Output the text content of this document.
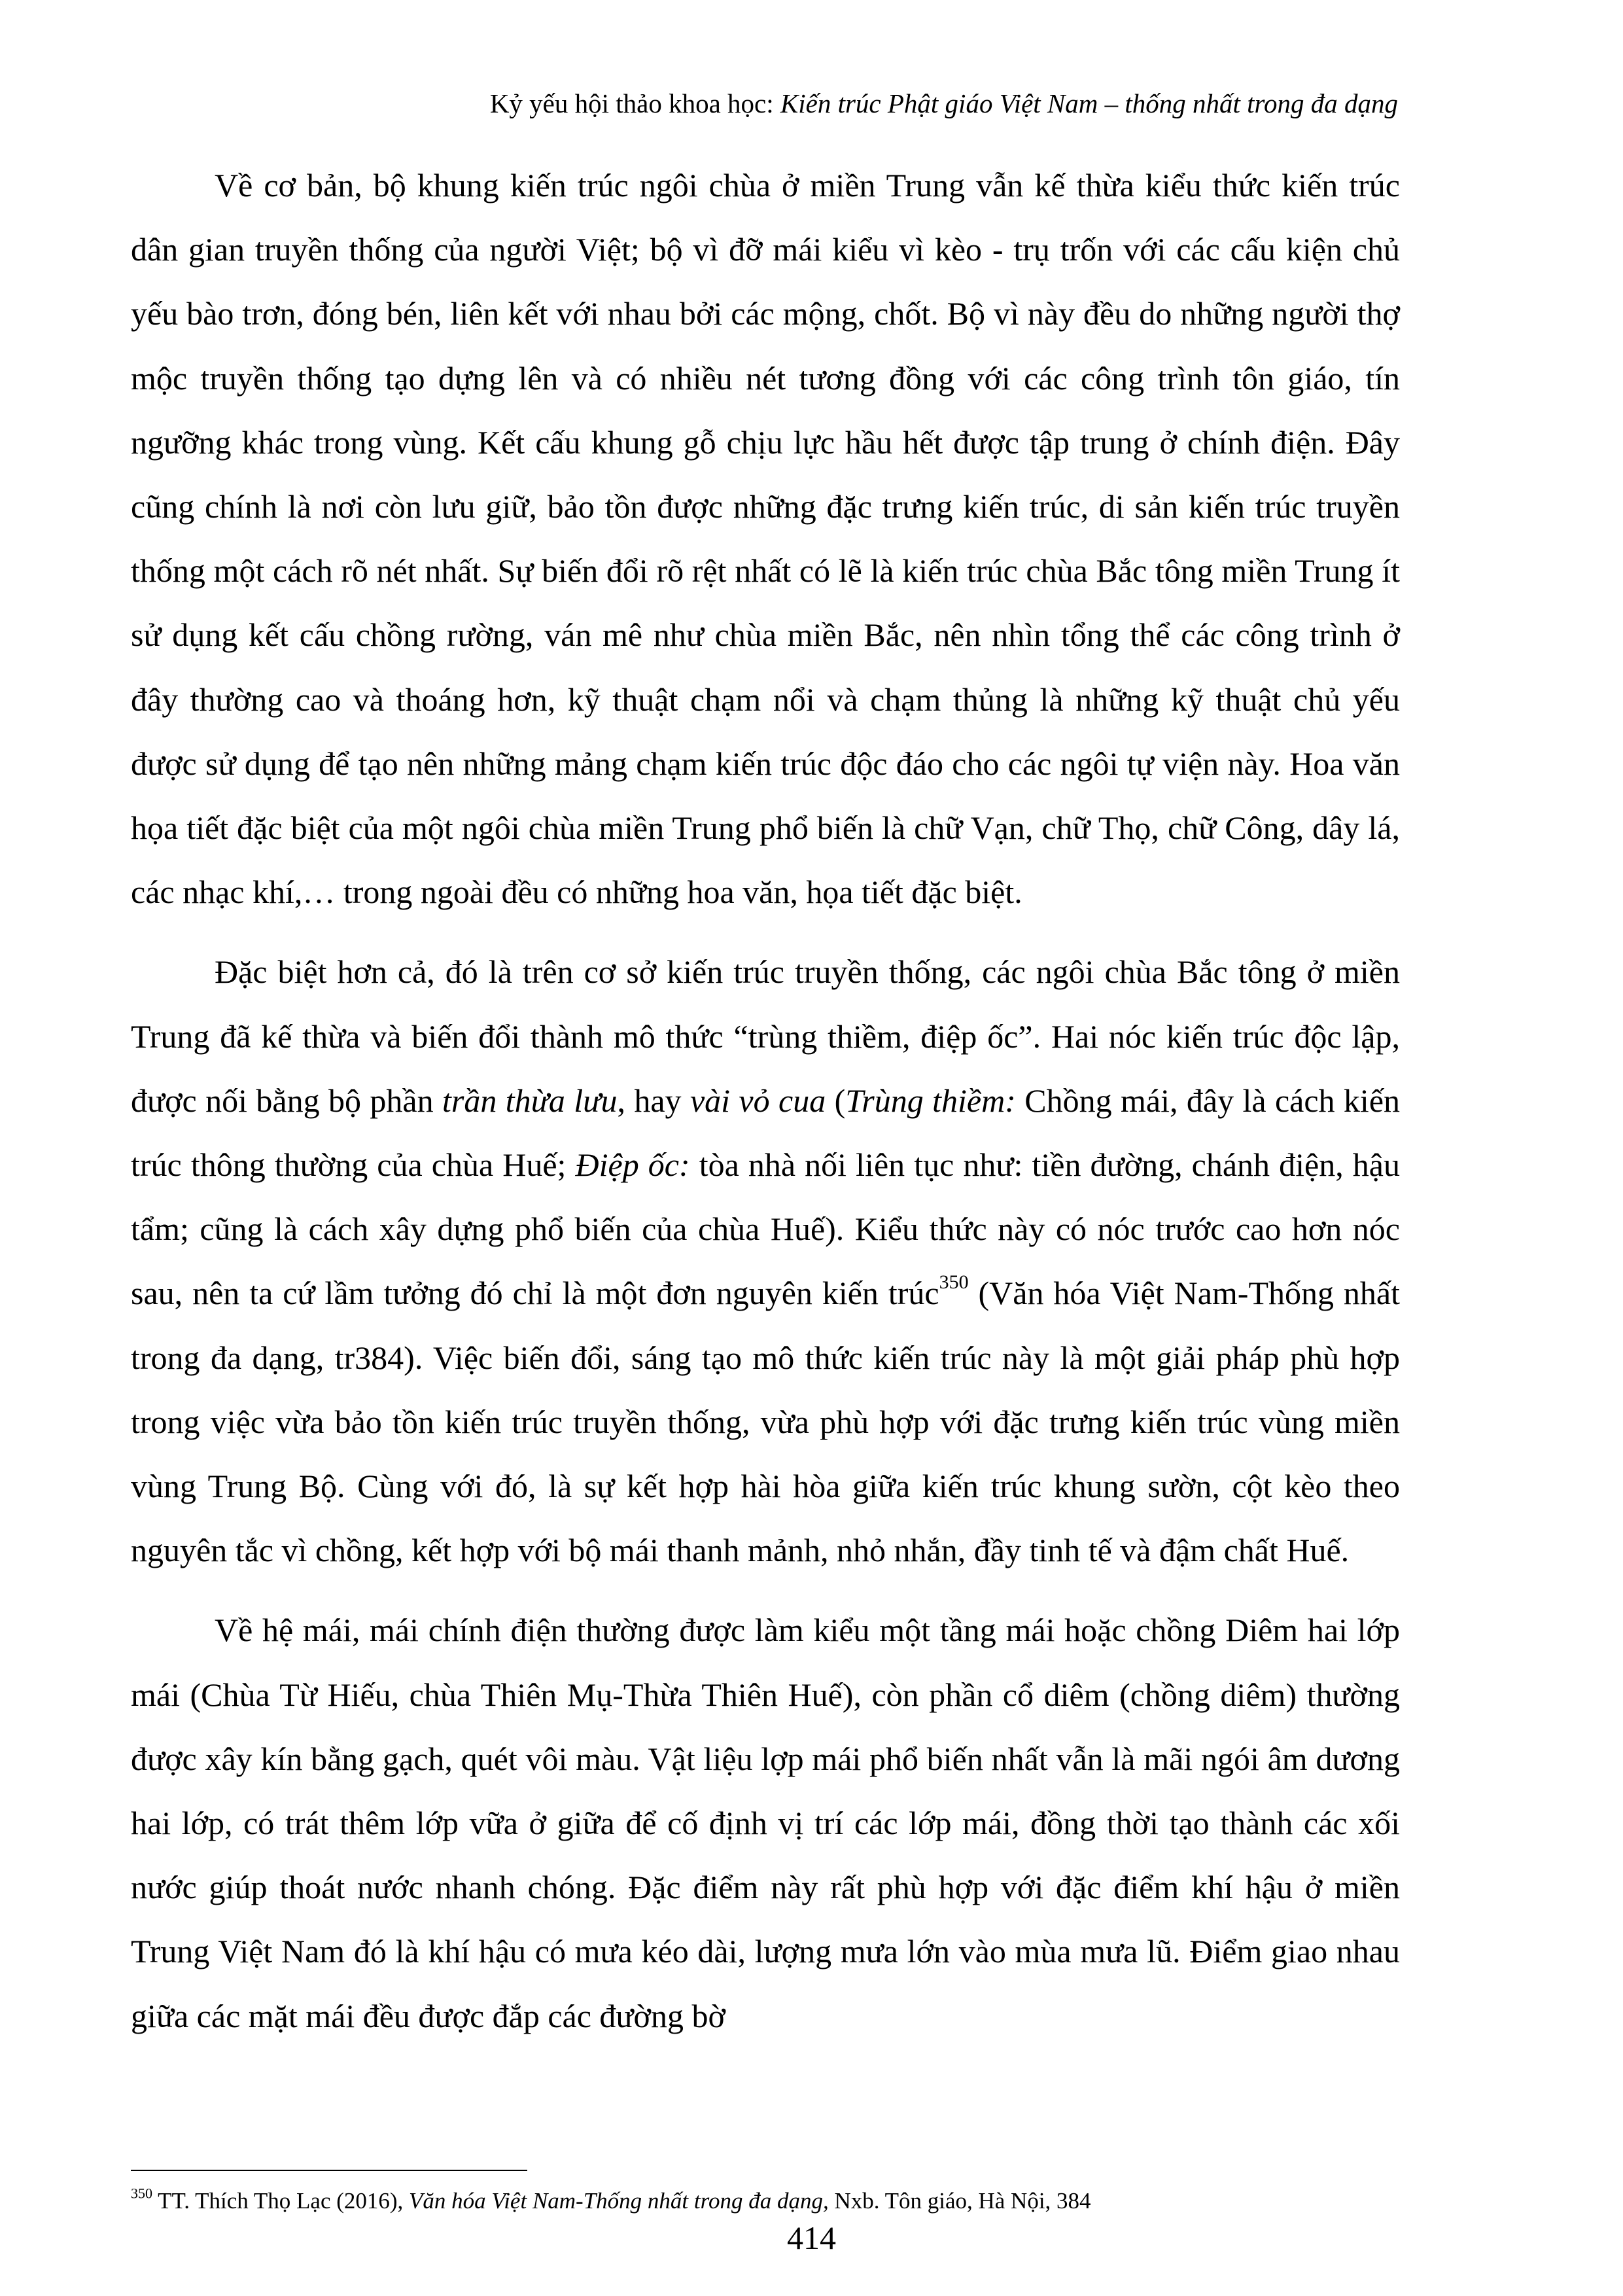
Kỷ yếu hội thảo khoa học: Kiến trúc Phật giáo Việt Nam – thống nhất trong đa dạng

Về cơ bản, bộ khung kiến trúc ngôi chùa ở miền Trung vẫn kế thừa kiểu thức kiến trúc dân gian truyền thống của người Việt; bộ vì đỡ mái kiểu vì kèo - trụ trốn với các cấu kiện chủ yếu bào trơn, đóng bén, liên kết với nhau bởi các mộng, chốt. Bộ vì này đều do những người thợ mộc truyền thống tạo dựng lên và có nhiều nét tương đồng với các công trình tôn giáo, tín ngưỡng khác trong vùng. Kết cấu khung gỗ chịu lực hầu hết được tập trung ở chính điện. Đây cũng chính là nơi còn lưu giữ, bảo tồn được những đặc trưng kiến trúc, di sản kiến trúc truyền thống một cách rõ nét nhất. Sự biến đổi rõ rệt nhất có lẽ là kiến trúc chùa Bắc tông miền Trung ít sử dụng kết cấu chồng rường, ván mê như chùa miền Bắc, nên nhìn tổng thể các công trình ở đây thường cao và thoáng hơn, kỹ thuật chạm nổi và chạm thủng là những kỹ thuật chủ yếu được sử dụng để tạo nên những mảng chạm kiến trúc độc đáo cho các ngôi tự viện này. Hoa văn họa tiết đặc biệt của một ngôi chùa miền Trung phổ biến là chữ Vạn, chữ Thọ, chữ Công, dây lá, các nhạc khí,… trong ngoài đều có những hoa văn, họa tiết đặc biệt.

Đặc biệt hơn cả, đó là trên cơ sở kiến trúc truyền thống, các ngôi chùa Bắc tông ở miền Trung đã kế thừa và biến đổi thành mô thức “trùng thiềm, điệp ốc”. Hai nóc kiến trúc độc lập, được nối bằng bộ phần trần thừa lưu, hay vài vỏ cua (Trùng thiềm: Chồng mái, đây là cách kiến trúc thông thường của chùa Huế; Điệp ốc: tòa nhà nối liên tục như: tiền đường, chánh điện, hậu tẩm; cũng là cách xây dựng phổ biến của chùa Huế). Kiểu thức này có nóc trước cao hơn nóc sau, nên ta cứ lầm tưởng đó chỉ là một đơn nguyên kiến trúc$^{350}$ (Văn hóa Việt Nam-Thống nhất trong đa dạng, tr384). Việc biến đổi, sáng tạo mô thức kiến trúc này là một giải pháp phù hợp trong việc vừa bảo tồn kiến trúc truyền thống, vừa phù hợp với đặc trưng kiến trúc vùng miền vùng Trung Bộ. Cùng với đó, là sự kết hợp hài hòa giữa kiến trúc khung sườn, cột kèo theo nguyên tắc vì chồng, kết hợp với bộ mái thanh mảnh, nhỏ nhắn, đầy tinh tế và đậm chất Huế.

Về hệ mái, mái chính điện thường được làm kiểu một tầng mái hoặc chồng Diêm hai lớp mái (Chùa Từ Hiếu, chùa Thiên Mụ-Thừa Thiên Huế), còn phần cổ diêm (chồng diêm) thường được xây kín bằng gạch, quét vôi màu. Vật liệu lợp mái phổ biến nhất vẫn là mãi ngói âm dương hai lớp, có trát thêm lớp vữa ở giữa để cố định vị trí các lớp mái, đồng thời tạo thành các xối nước giúp thoát nước nhanh chóng. Đặc điểm này rất phù hợp với đặc điểm khí hậu ở miền Trung Việt Nam đó là khí hậu có mưa kéo dài, lượng mưa lớn vào mùa mưa lũ. Điểm giao nhau giữa các mặt mái đều được đắp các đường bờ

$^{350}$ TT. Thích Thọ Lạc (2016), Văn hóa Việt Nam-Thống nhất trong đa dạng, Nxb. Tôn giáo, Hà Nội, 384
414
